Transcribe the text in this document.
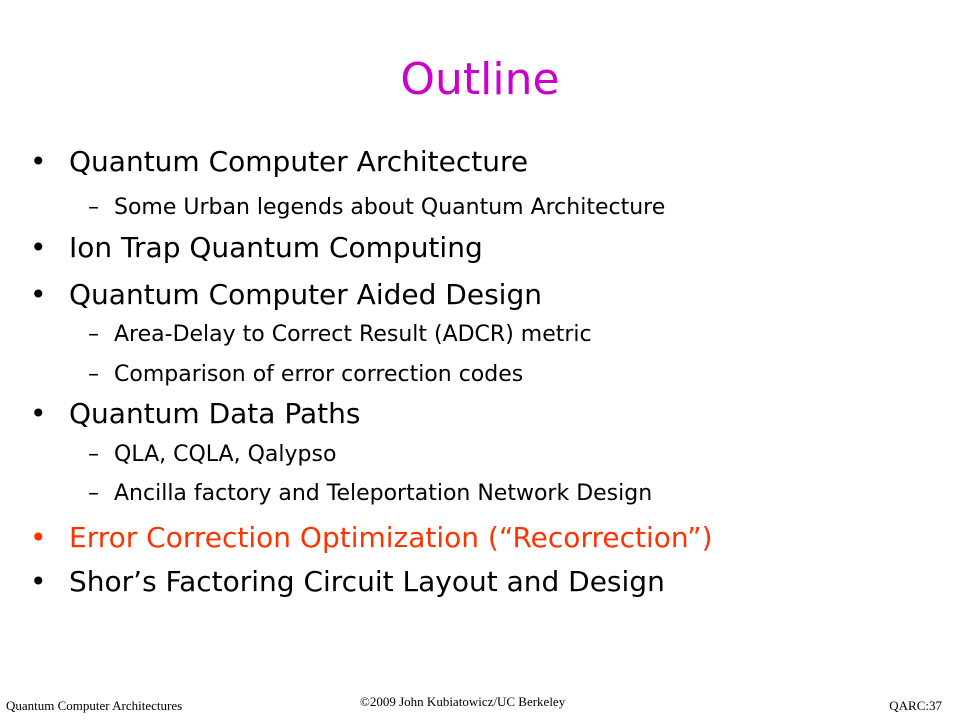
Outline
• Quantum Computer Architecture
– Some Urban legends about Quantum Architecture
• Ion Trap Quantum Computing
• Quantum Computer Aided Design
– Area-Delay to Correct Result (ADCR) metric
– Comparison of error correction codes
• Quantum Data Paths
– QLA, CQLA, Qalypso
– Ancilla factory and Teleportation Network Design
• Error Correction Optimization (“Recorrection”)
• Shor’s Factoring Circuit Layout and Design
Quantum Computer Architectures	©2009 John Kubiatowicz/UC Berkeley	QARC:37
